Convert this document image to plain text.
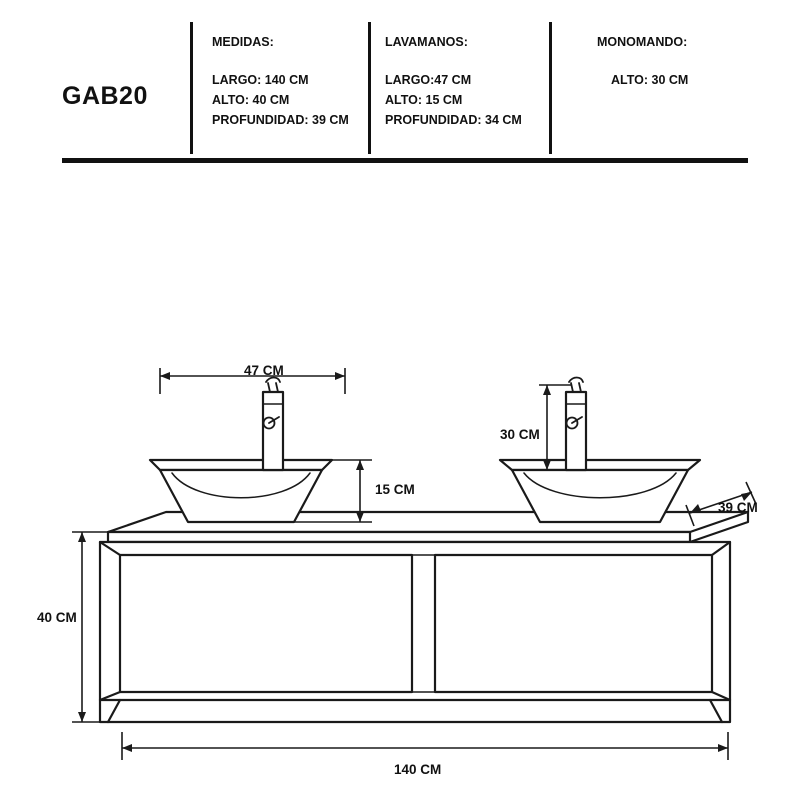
GAB20
MEDIDAS:
LARGO: 140 CM
ALTO: 40 CM
PROFUNDIDAD: 39 CM
LAVAMANOS:
LARGO:47 CM
ALTO: 15 CM
PROFUNDIDAD: 34 CM
MONOMANDO:
ALTO: 30 CM
47 CM
30 CM
15 CM
39 CM
40 CM
140 CM
